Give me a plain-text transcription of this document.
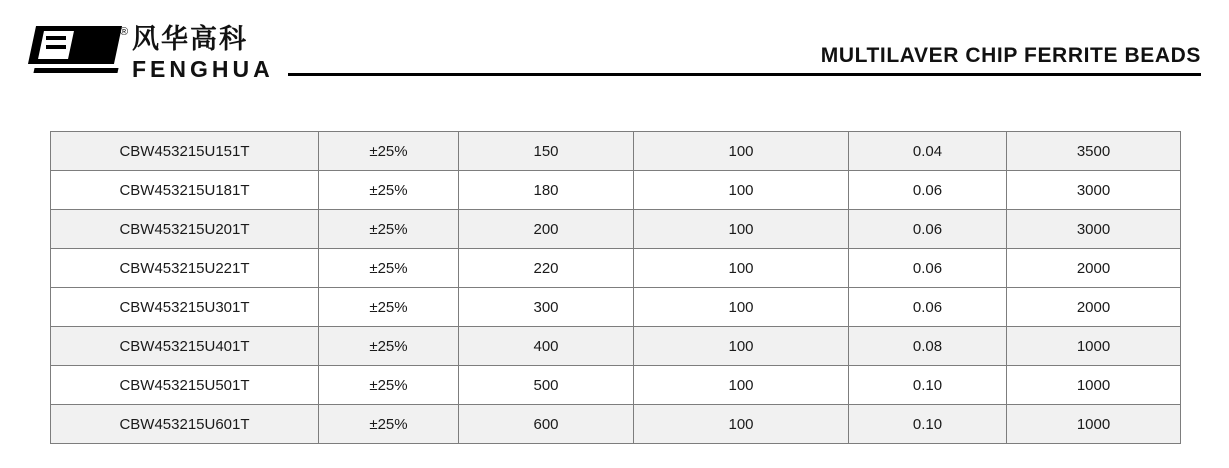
® 风华高科
FENGHUA
MULTILAVER CHIP FERRITE BEADS
CBW453215U151T	±25%	150	100	0.04	3500
CBW453215U181T	±25%	180	100	0.06	3000
CBW453215U201T	±25%	200	100	0.06	3000
CBW453215U221T	±25%	220	100	0.06	2000
CBW453215U301T	±25%	300	100	0.06	2000
CBW453215U401T	±25%	400	100	0.08	1000
CBW453215U501T	±25%	500	100	0.10	1000
CBW453215U601T	±25%	600	100	0.10	1000
